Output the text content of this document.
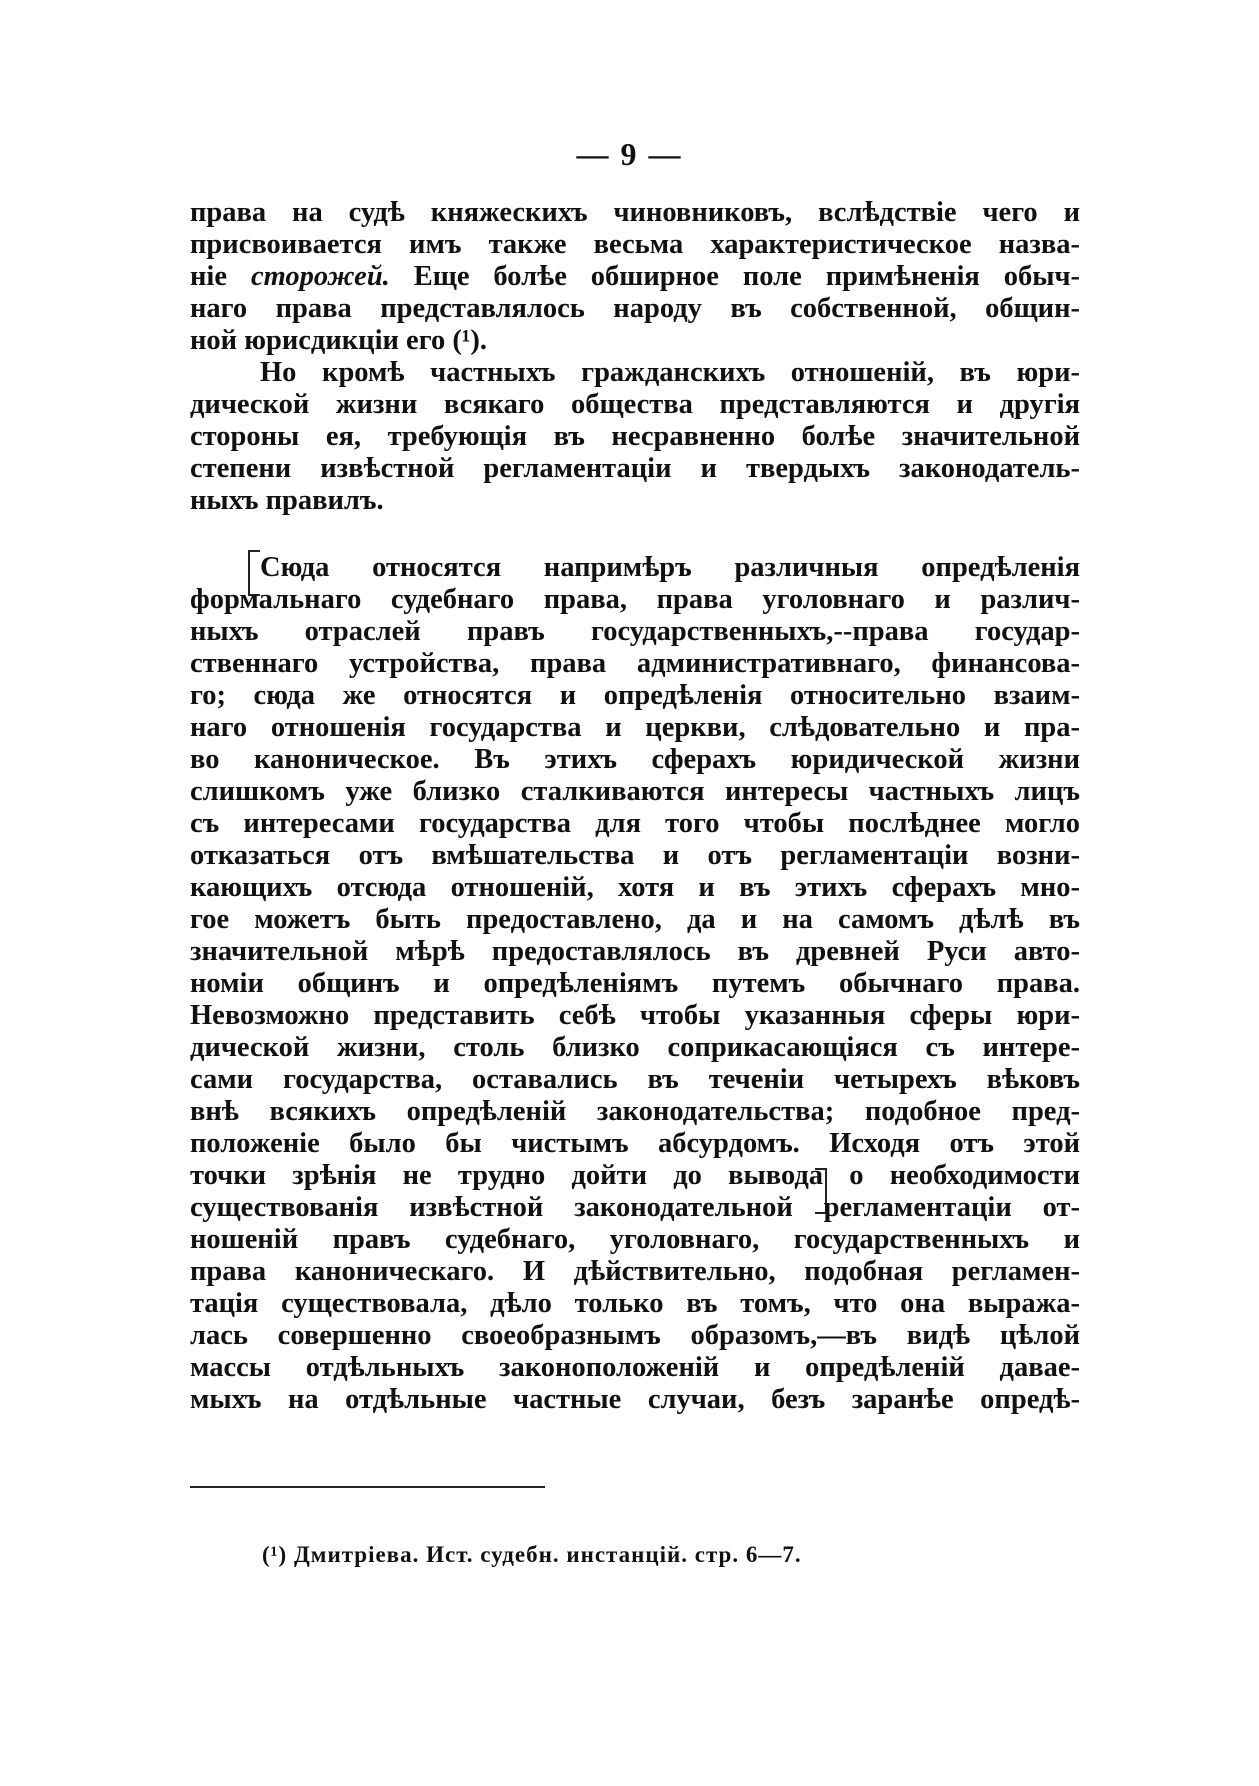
— 9 —
права на судѣ княжескихъ чиновниковъ, вслѣдствіе чего и
присвоивается имъ также весьма характеристическое назва-
ніе сторожей. Еще болѣе обширное поле примѣненія обыч-
наго права представлялось народу въ собственной, общин-
ной юрисдикціи его (¹).
Но кромѣ частныхъ гражданскихъ отношеній, въ юри-
дической жизни всякаго общества представляются и другія
стороны ея, требующія въ несравненно болѣе значительной
степени извѣстной регламентаціи и твердыхъ законодатель-
ныхъ правилъ.
Сюда относятся напримѣръ различныя опредѣленія
формальнаго судебнаго права, права уголовнаго и различ-
ныхъ отраслей правъ государственныхъ,--права государ-
ственнаго устройства, права административнаго, финансова-
го; сюда же относятся и опредѣленія относительно взаим-
наго отношенія государства и церкви, слѣдовательно и пра-
во каноническое. Въ этихъ сферахъ юридической жизни
слишкомъ уже близко сталкиваются интересы частныхъ лицъ
съ интересами государства для того чтобы послѣднее могло
отказаться отъ вмѣшательства и отъ регламентаціи возни-
кающихъ отсюда отношеній, хотя и въ этихъ сферахъ мно-
гое можетъ быть предоставлено, да и на самомъ дѣлѣ въ
значительной мѣрѣ предоставлялось въ древней Руси авто-
номіи общинъ и опредѣленіямъ путемъ обычнаго права.
Невозможно представить себѣ чтобы указанныя сферы юри-
дической жизни, столь близко соприкасающіяся съ интере-
сами государства, оставались въ теченіи четырехъ вѣковъ
внѣ всякихъ опредѣленій законодательства; подобное пред-
положеніе было бы чистымъ абсурдомъ. Исходя отъ этой
точки зрѣнія не трудно дойти до вывода о необходимости
существованія извѣстной законодательной регламентаціи от-
ношеній правъ судебнаго, уголовнаго, государственныхъ и
права каноническаго. И дѣйствительно, подобная регламен-
тація существовала, дѣло только въ томъ, что она выража-
лась совершенно своеобразнымъ образомъ,—въ видѣ цѣлой
массы отдѣльныхъ законоположеній и опредѣленій давае-
мыхъ на отдѣльные частные случаи, безъ заранѣе опредѣ-
(¹) Дмитріева. Ист. судебн. инстанцій. стр. 6—7.
